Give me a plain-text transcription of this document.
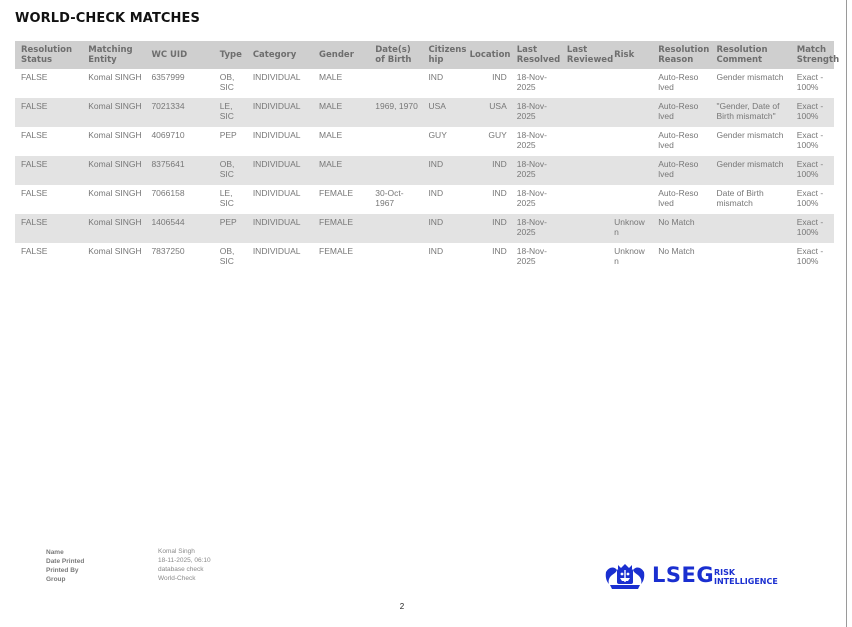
WORLD-CHECK MATCHES
Resolution Status	Matching Entity	WC UID	Type	Category	Gender	Date(s) of Birth	Citizens hip	Location	Last Resolved	Last Reviewed	Risk	Resolution Reason	Resolution Comment	Match Strength
FALSE	Komal SINGH	6357999	OB, SIC	INDIVIDUAL	MALE		IND	IND	18-Nov-2025			Auto-Reso lved	Gender mismatch	Exact - 100%
FALSE	Komal SINGH	7021334	LE, SIC	INDIVIDUAL	MALE	1969, 1970	USA	USA	18-Nov-2025			Auto-Reso lved	"Gender, Date of Birth mismatch"	Exact - 100%
FALSE	Komal SINGH	4069710	PEP	INDIVIDUAL	MALE		GUY	GUY	18-Nov-2025			Auto-Reso lved	Gender mismatch	Exact - 100%
FALSE	Komal SINGH	8375641	OB, SIC	INDIVIDUAL	MALE		IND	IND	18-Nov-2025			Auto-Reso lved	Gender mismatch	Exact - 100%
FALSE	Komal SINGH	7066158	LE, SIC	INDIVIDUAL	FEMALE	30-Oct-1967	IND	IND	18-Nov-2025			Auto-Reso lved	Date of Birth mismatch	Exact - 100%
FALSE	Komal SINGH	1406544	PEP	INDIVIDUAL	FEMALE		IND	IND	18-Nov-2025		Unknown	No Match		Exact - 100%
FALSE	Komal SINGH	7837250	OB, SIC	INDIVIDUAL	FEMALE		IND	IND	18-Nov-2025		Unknown	No Match		Exact - 100%
Name	Komal Singh
Date Printed	18-11-2025, 06:10
Printed By	database check
Group	World-Check	LSEG RISK
INTELLIGENCE
2
